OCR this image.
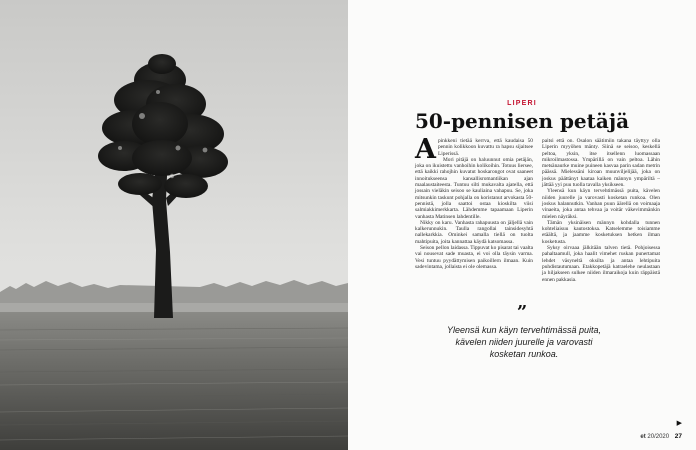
LIPERI
50-pennisen petäjä

Apinkkeni tietää kerrva, että kaudaisa 50 pennin kolikkoon kuvattu ra hapsu sijaitsee Liperissä.

Mori pitäjä on haluunnut omia petäjän, joka on ikuistettu vanhoihin kolikoihin. Totuus liersee, että kaikki rahojhin kuvatut hoskarongot ovat saaneet innoitukseensa kansallisromantiikan ajan maalaustaiteesta. Tuntuu silti mukavalta ajatella, että jossain vieläkin seisoo se kauliaina vahapuu. Se, joka mitsunkin taskunt pohjalla on koristanut arvokasta 50-pennistä, jolla saattoi ostaa kioskilta viisi salmiakkimerkkarta. Lähdemme tapaamaan Liperin vanhasta Matinsen lahdentille.

Nikky on karu. Vanhasta rahapuusta on jäljellä vain kalkerunnukin. Taulla rangollai tainsidesyhtä nallekarkkia. Ominkei samalla tiellä on tuolta mahtipuita, joita kannattaa käydä katsomassa.

Seison pellon laidassa. Tippuvat ko pisarat tai vaalta vai nousevat sade muasta, ei voi olla täysin varma. Vesi tuntuu pyydättymisen paikoillern ilmaan. Kuin sadevintama, jollaista ei ole olemassa.

paitsi että on. Osalon säätimiin takana täyttyy olla Liperin myyöhen mänty. Siinä se seisoo, keskellä peltoa, yksin, itse itsellenn luomassaan mikroilmastossa. Ympärillä on vain peltoa. Lähin metsänaurke muine puineen kasvaa parin sadan metrin päässä. Mielessäni kiroan muunviljelijää, joka on joskus päättänyt kaataa kaiken männyn ympäriltä – jättää yyi puu tuolla tavalla yksikseen.

Yleensä kun käyn tervehtimässä puita, kävelen niiden juurelle ja varovasti kosketan runkoa. Olen joskus halannutkin. Vanhan puun äärellä on voimaaja vinaeita, joka antaa tehvaa ja voitär väkevimmänkin mielen näyräksi.

Tämän yksinäisen männyn kohdalla tunnen kohteliaisuu kautostoksa. Katselemme toisiamme etäältä, ja jaamme kosketuksen hetken ilman kosketusta.

Syksy oirvaaa jälkitään talven tietä. Pohjoisessa pahaltaamull, joka haalit vimehet ruskan punertamat lehdet väsyneltä oksilta ja antaa lehtipuita puhdistautumaan. Etakkopetäjä katraelehe neulastaan ja hiljakseen sulkee niiden ilmaraikoja kuin räppäistä ennen pakkasia.

”

Yleensä kun käyn tervehtimässä puita, kävelen niiden juurelle ja varovasti kosketan runkoa.

▶
et 20/2020 27
